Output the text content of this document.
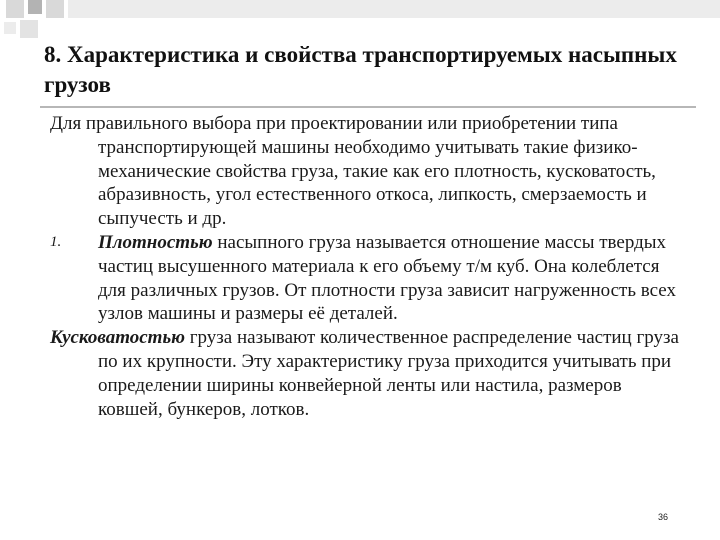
8. Характеристика и свойства транспортируемых насыпных грузов

Для правильного выбора при проектировании или приобретении типа транспортирующей машины необходимо учитывать такие физико-механические свойства груза, такие как его плотность, кусковатость, абразивность, угол естественного откоса, липкость, смерзаемость и сыпучесть и др.

1. Плотностью насыпного груза называется отношение массы твердых частиц высушенного материала к его объему т/м куб. Она колеблется для различных грузов. От плотности груза зависит нагруженность всех узлов машины и размеры её деталей.

Кусковатостью груза называют количественное распределение частиц груза по их крупности. Эту характеристику груза приходится учитывать при определении ширины конвейерной ленты или настила, размеров ковшей, бункеров, лотков.

36
